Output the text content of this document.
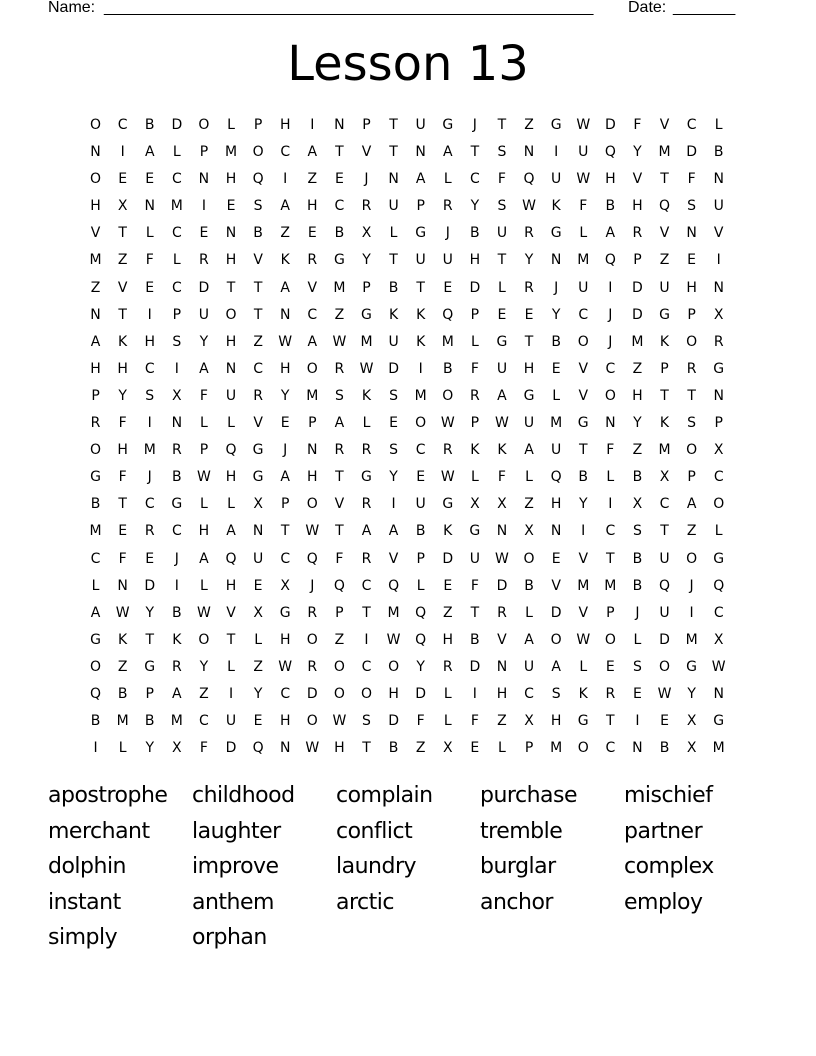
Name: _______________________________________________________ Date: _______
Lesson 13
O	C	B	D	O	L	P	H	I	N	P	T	U	G	J	T	Z	G	W	D	F	V	C	L
N	I	A	L	P	M	O	C	A	T	V	T	N	A	T	S	N	I	U	Q	Y	M	D	B
O	E	E	C	N	H	Q	I	Z	E	J	N	A	L	C	F	Q	U	W	H	V	T	F	N
H	X	N	M	I	E	S	A	H	C	R	U	P	R	Y	S	W	K	F	B	H	Q	S	U
V	T	L	C	E	N	B	Z	E	B	X	L	G	J	B	U	R	G	L	A	R	V	N	V
M	Z	F	L	R	H	V	K	R	G	Y	T	U	U	H	T	Y	N	M	Q	P	Z	E	I
Z	V	E	C	D	T	T	A	V	M	P	B	T	E	D	L	R	J	U	I	D	U	H	N
N	T	I	P	U	O	T	N	C	Z	G	K	K	Q	P	E	E	Y	C	J	D	G	P	X
A	K	H	S	Y	H	Z	W	A	W	M	U	K	M	L	G	T	B	O	J	M	K	O	R
H	H	C	I	A	N	C	H	O	R	W	D	I	B	F	U	H	E	V	C	Z	P	R	G
P	Y	S	X	F	U	R	Y	M	S	K	S	M	O	R	A	G	L	V	O	H	T	T	N
R	F	I	N	L	L	V	E	P	A	L	E	O	W	P	W	U	M	G	N	Y	K	S	P
O	H	M	R	P	Q	G	J	N	R	R	S	C	R	K	K	A	U	T	F	Z	M	O	X
G	F	J	B	W	H	G	A	H	T	G	Y	E	W	L	F	L	Q	B	L	B	X	P	C
B	T	C	G	L	L	X	P	O	V	R	I	U	G	X	X	Z	H	Y	I	X	C	A	O
M	E	R	C	H	A	N	T	W	T	A	A	B	K	G	N	X	N	I	C	S	T	Z	L
C	F	E	J	A	Q	U	C	Q	F	R	V	P	D	U	W	O	E	V	T	B	U	O	G
L	N	D	I	L	H	E	X	J	Q	C	Q	L	E	F	D	B	V	M	M	B	Q	J	Q
A	W	Y	B	W	V	X	G	R	P	T	M	Q	Z	T	R	L	D	V	P	J	U	I	C
G	K	T	K	O	T	L	H	O	Z	I	W	Q	H	B	V	A	O	W	O	L	D	M	X
O	Z	G	R	Y	L	Z	W	R	O	C	O	Y	R	D	N	U	A	L	E	S	O	G	W
Q	B	P	A	Z	I	Y	C	D	O	O	H	D	L	I	H	C	S	K	R	E	W	Y	N
B	M	B	M	C	U	E	H	O	W	S	D	F	L	F	Z	X	H	G	T	I	E	X	G
I	L	Y	X	F	D	Q	N	W	H	T	B	Z	X	E	L	P	M	O	C	N	B	X	M
apostrophe	childhood	complain	purchase	mischief
merchant	laughter	conflict	tremble	partner
dolphin	improve	laundry	burglar	complex
instant	anthem	arctic	anchor	employ
simply	orphan
